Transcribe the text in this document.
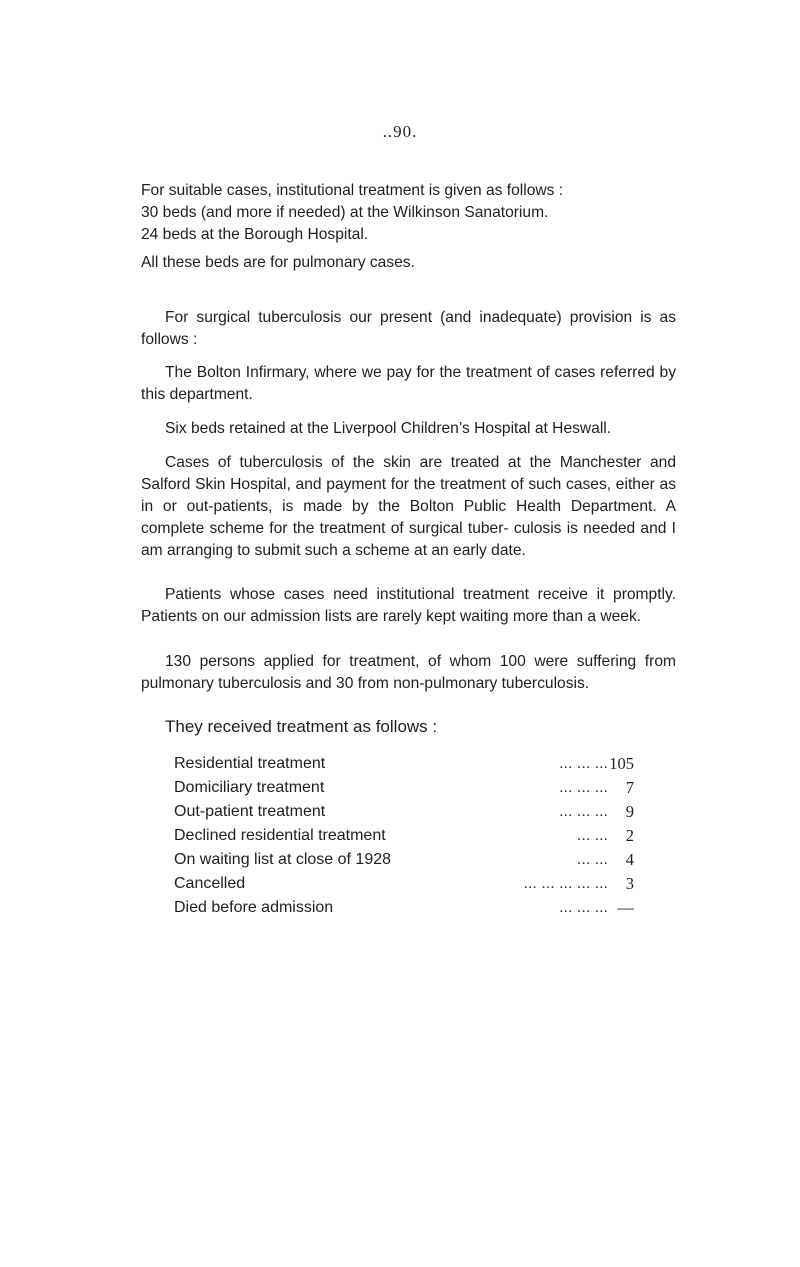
..90.

For suitable cases, institutional treatment is given as follows :

30 beds (and more if needed) at the Wilkinson Sanatorium.

24 beds at the Borough Hospital.

All these beds are for pulmonary cases.

For surgical tuberculosis our present (and inadequate) provision is as follows :

The Bolton Infirmary, where we pay for the treatment of cases referred by this department.

Six beds retained at the Liverpool Children’s Hospital at Heswall.

Cases of tuberculosis of the skin are treated at the Manchester and Salford Skin Hospital, and payment for the treatment of such cases, either as in or out-patients, is made by the Bolton Public Health Department. A complete scheme for the treatment of surgical tuber- culosis is needed and I am arranging to submit such a scheme at an early date.

Patients whose cases need institutional treatment receive it promptly. Patients on our admission lists are rarely kept waiting more than a week.

130 persons applied for treatment, of whom 100 were suffering from pulmonary tuberculosis and 30 from non-pulmonary tuberculosis.

They received treatment as follows :
Residential treatment	... ... ... 105
Domiciliary treatment	... ... ...	7
Out-patient treatment	... ... ...	9
Declined residential treatment	... ...	2
On waiting list at close of 1928	... ...	4
Cancelled	... ... ... ... ...	3
Died before admission	... ... ... —
